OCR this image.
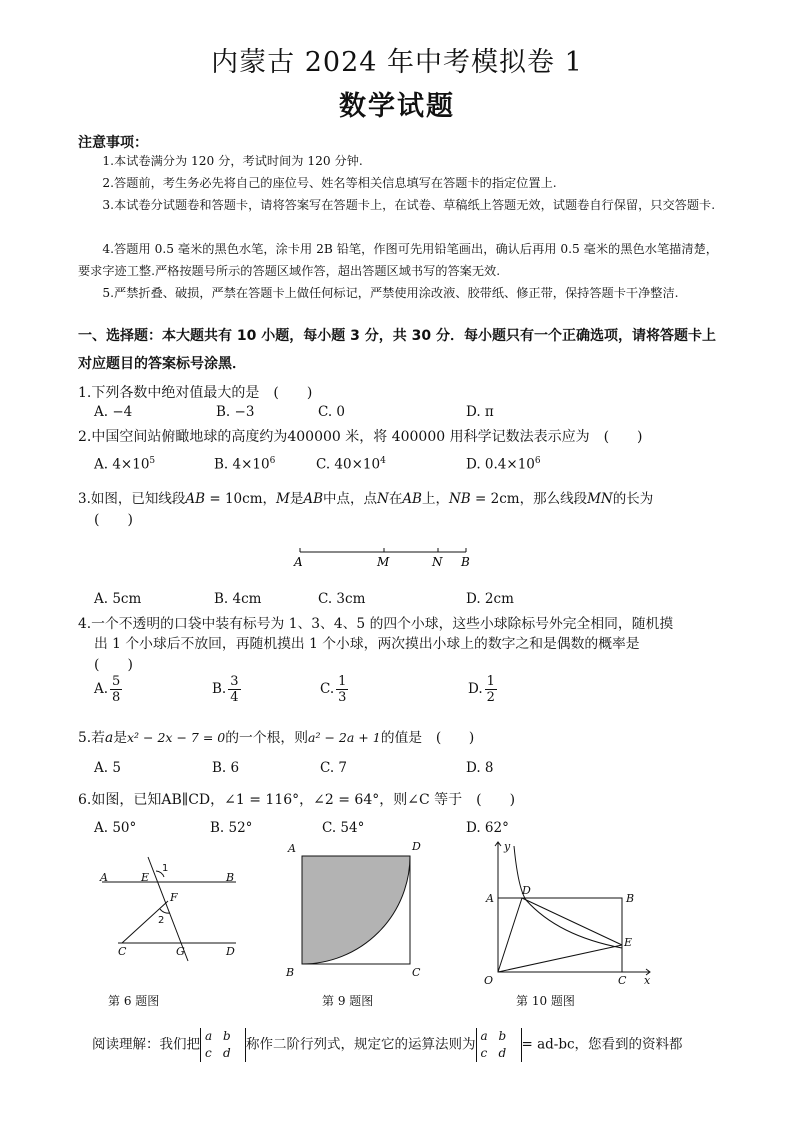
内蒙古 2024 年中考模拟卷 1
数学试题
注意事项：
1.本试卷满分为 120 分，考试时间为 120 分钟.
2.答题前，考生务必先将自己的座位号、姓名等相关信息填写在答题卡的指定位置上.
3.本试卷分试题卷和答题卡，请将答案写在答题卡上，在试卷、草稿纸上答题无效，试题卷自行保留，只交答题卡.
4.答题用 0.5 毫米的黑色水笔，涂卡用 2B 铅笔，作图可先用铅笔画出，确认后再用 0.5 毫米的黑色水笔描清楚，要求字迹工整.严格按题号所示的答题区域作答，超出答题区域书写的答案无效.
5.严禁折叠、破损，严禁在答题卡上做任何标记，严禁使用涂改液、胶带纸、修正带，保持答题卡干净整洁.
一、选择题：本大题共有 10 小题，每小题 3 分，共 30 分．每小题只有一个正确选项，请将答题卡上对应题目的答案标号涂黑．
1.下列各数中绝对值最大的是　(　　)
A. −4	B. −3	C. 0	D. π
2.中国空间站俯瞰地球的高度约为400000 米，将 400000 用科学记数法表示应为　(　　)
A. $4\times 10^5$	B. $4\times 10^6$	C. $40\times 10^4$	D. $0.4\times 10^6$
3.如图，已知线段AB = 10cm，M是AB中点，点N在AB上，NB = 2cm，那么线段MN的长为
(　　)
A	M	N B
A. 5cm	B. 4cm	C. 3cm	D. 2cm
4.一个不透明的口袋中装有标号为 1、3、4、5 的四个小球，这些小球除标号外完全相同，随机摸
出 1 个小球后不放回，再随机摸出 1 个小球，两次摸出小球上的数字之和是偶数的概率是
(　　)
A. $\frac{5}{8}$	B. $\frac{3}{4}$	C. $\frac{1}{3}$	D. $\frac{1}{2}$
5.若a是x² − 2x − 7 = 0的一个根，则a² − 2a + 1的值是　(　　)
A. 5	B. 6	C. 7	D. 8
6.如图，已知AB∥CD，∠1 = 116°，∠2 = 64°，则∠C 等于　(　　)
A. 50°	B. 52°	C. 54°	D. 62°
A	E	B
F
C	G	D
1
2
第 6 题图
A	D
B	C
第 9 题图
y
x
A
D
B
E
O	C
第 10 题图
阅读理解：我们把a b
c d称作二阶行列式，规定它的运算法则为a b
c d= ad-bc，您看到的资料都
